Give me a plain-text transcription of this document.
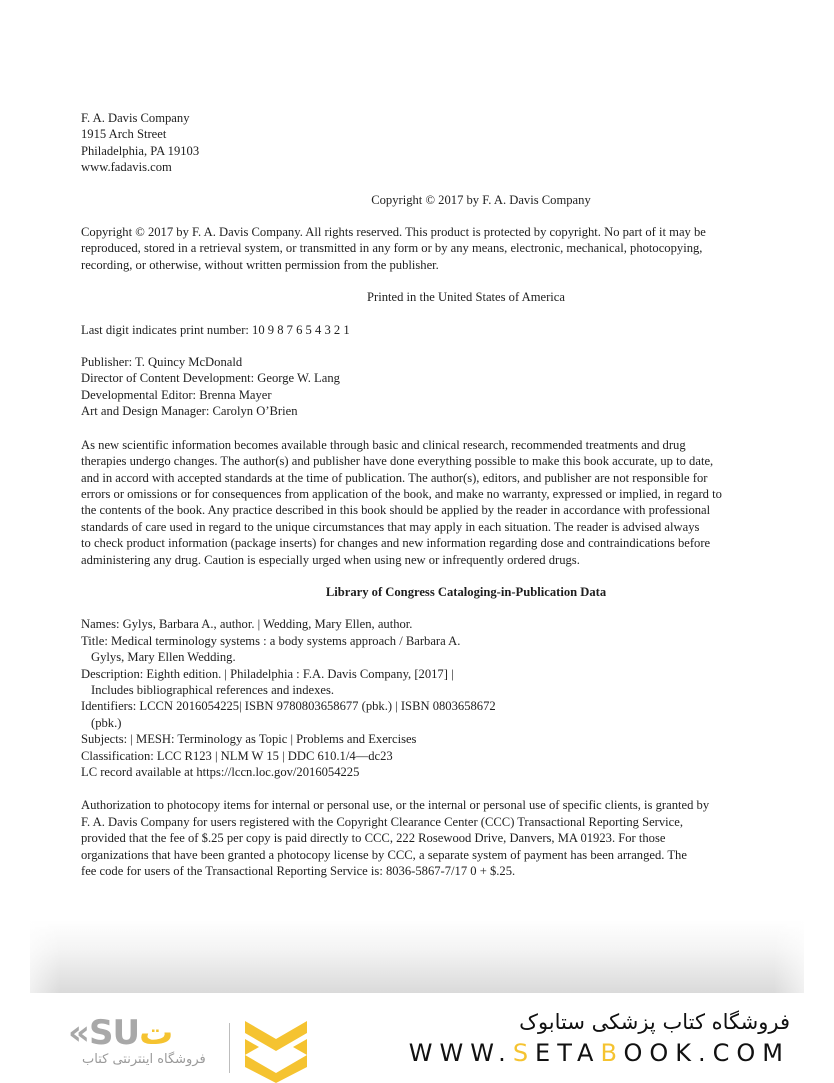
F. A. Davis Company
1915 Arch Street
Philadelphia, PA 19103
www.fadavis.com
Copyright © 2017 by F. A. Davis Company
Copyright © 2017 by F. A. Davis Company. All rights reserved. This product is protected by copyright. No part of it may be
reproduced, stored in a retrieval system, or transmitted in any form or by any means, electronic, mechanical, photocopying,
recording, or otherwise, without written permission from the publisher.
Printed in the United States of America
Last digit indicates print number: 10 9 8 7 6 5 4 3 2 1
Publisher: T. Quincy McDonald
Director of Content Development: George W. Lang
Developmental Editor: Brenna Mayer
Art and Design Manager: Carolyn O’Brien
As new scientific information becomes available through basic and clinical research, recommended treatments and drug
therapies undergo changes. The author(s) and publisher have done everything possible to make this book accurate, up to date,
and in accord with accepted standards at the time of publication. The author(s), editors, and publisher are not responsible for
errors or omissions or for consequences from application of the book, and make no warranty, expressed or implied, in regard to
the contents of the book. Any practice described in this book should be applied by the reader in accordance with professional
standards of care used in regard to the unique circumstances that may apply in each situation. The reader is advised always
to check product information (package inserts) for changes and new information regarding dose and contraindications before
administering any drug. Caution is especially urged when using new or infrequently ordered drugs.
Library of Congress Cataloging-in-Publication Data
Names: Gylys, Barbara A., author. | Wedding, Mary Ellen, author.
Title: Medical terminology systems : a body systems approach / Barbara A.
Gylys, Mary Ellen Wedding.
Description: Eighth edition. | Philadelphia : F.A. Davis Company, [2017] |
Includes bibliographical references and indexes.
Identifiers: LCCN 2016054225| ISBN 9780803658677 (pbk.) | ISBN 0803658672
(pbk.)
Subjects: | MESH: Terminology as Topic | Problems and Exercises
Classification: LCC R123 | NLM W 15 | DDC 610.1/4—dc23
LC record available at https://lccn.loc.gov/2016054225
Authorization to photocopy items for internal or personal use, or the internal or personal use of specific clients, is granted by
F. A. Davis Company for users registered with the Copyright Clearance Center (CCC) Transactional Reporting Service,
provided that the fee of $.25 per copy is paid directly to CCC, 222 Rosewood Drive, Danvers, MA 01923. For those
organizations that have been granted a photocopy license by CCC, a separate system of payment has been arranged. The
fee code for users of the Transactional Reporting Service is: 8036-5867-7/17 0 + $.25.
«SUت
فروشگاه اینترنتی کتاب
فروشگاه کتاب پزشکی ستابوک
WWW.SETABOOK.COM
